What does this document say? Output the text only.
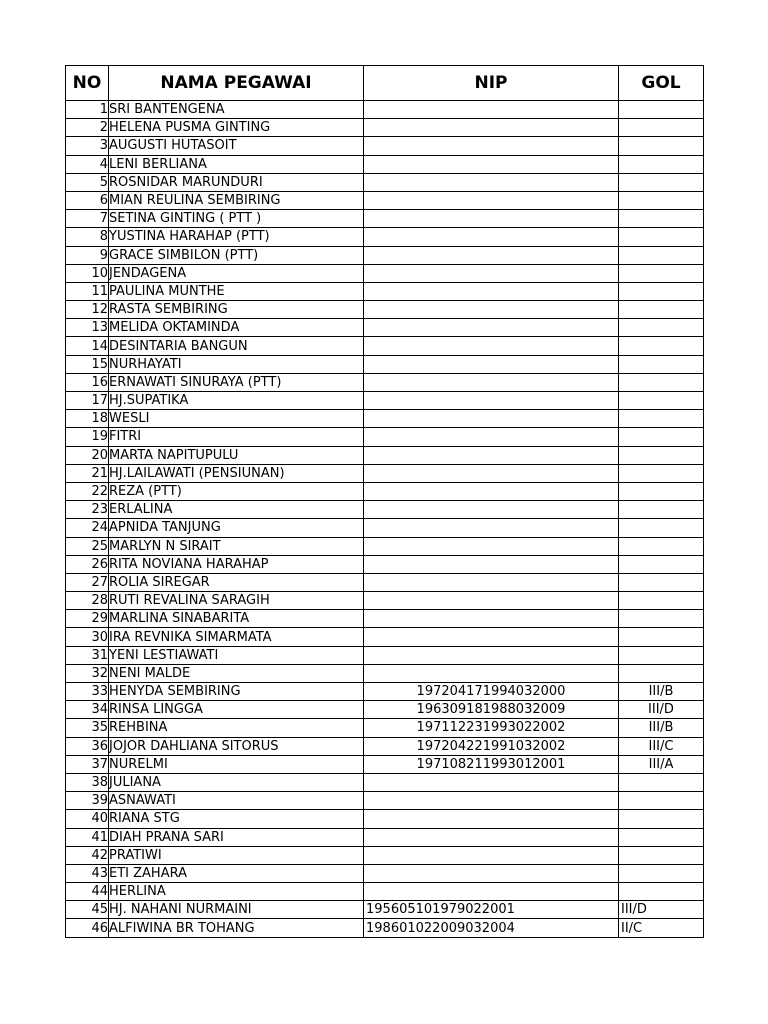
NO	NAMA PEGAWAI	NIP	GOL
1	SRI BANTENGENA		
2	HELENA PUSMA GINTING		
3	AUGUSTI HUTASOIT		
4	LENI BERLIANA		
5	ROSNIDAR MARUNDURI		
6	MIAN REULINA SEMBIRING		
7	SETINA GINTING ( PTT )		
8	YUSTINA HARAHAP (PTT)		
9	GRACE SIMBILON (PTT)		
10	JENDAGENA		
11	PAULINA MUNTHE		
12	RASTA SEMBIRING		
13	MELIDA OKTAMINDA		
14	DESINTARIA BANGUN		
15	NURHAYATI		
16	ERNAWATI SINURAYA (PTT)		
17	HJ.SUPATIKA		
18	WESLI		
19	FITRI		
20	MARTA NAPITUPULU		
21	HJ.LAILAWATI (PENSIUNAN)		
22	REZA (PTT)		
23	ERLALINA		
24	APNIDA TANJUNG		
25	MARLYN N SIRAIT		
26	RITA NOVIANA HARAHAP		
27	ROLIA SIREGAR		
28	RUTI REVALINA SARAGIH		
29	MARLINA SINABARITA		
30	IRA REVNIKA SIMARMATA		
31	YENI LESTIAWATI		
32	NENI MALDE		
33	HENYDA SEMBIRING	197204171994032000	III/B
34	RINSA LINGGA	196309181988032009	III/D
35	REHBINA	197112231993022002	III/B
36	JOJOR DAHLIANA SITORUS	197204221991032002	III/C
37	NURELMI	197108211993012001	III/A
38	JULIANA		
39	ASNAWATI		
40	RIANA STG		
41	DIAH PRANA SARI		
42	PRATIWI		
43	ETI ZAHARA		
44	HERLINA		
45	HJ. NAHANI NURMAINI	195605101979022001	III/D
46	ALFIWINA BR TOHANG	198601022009032004	II/C
